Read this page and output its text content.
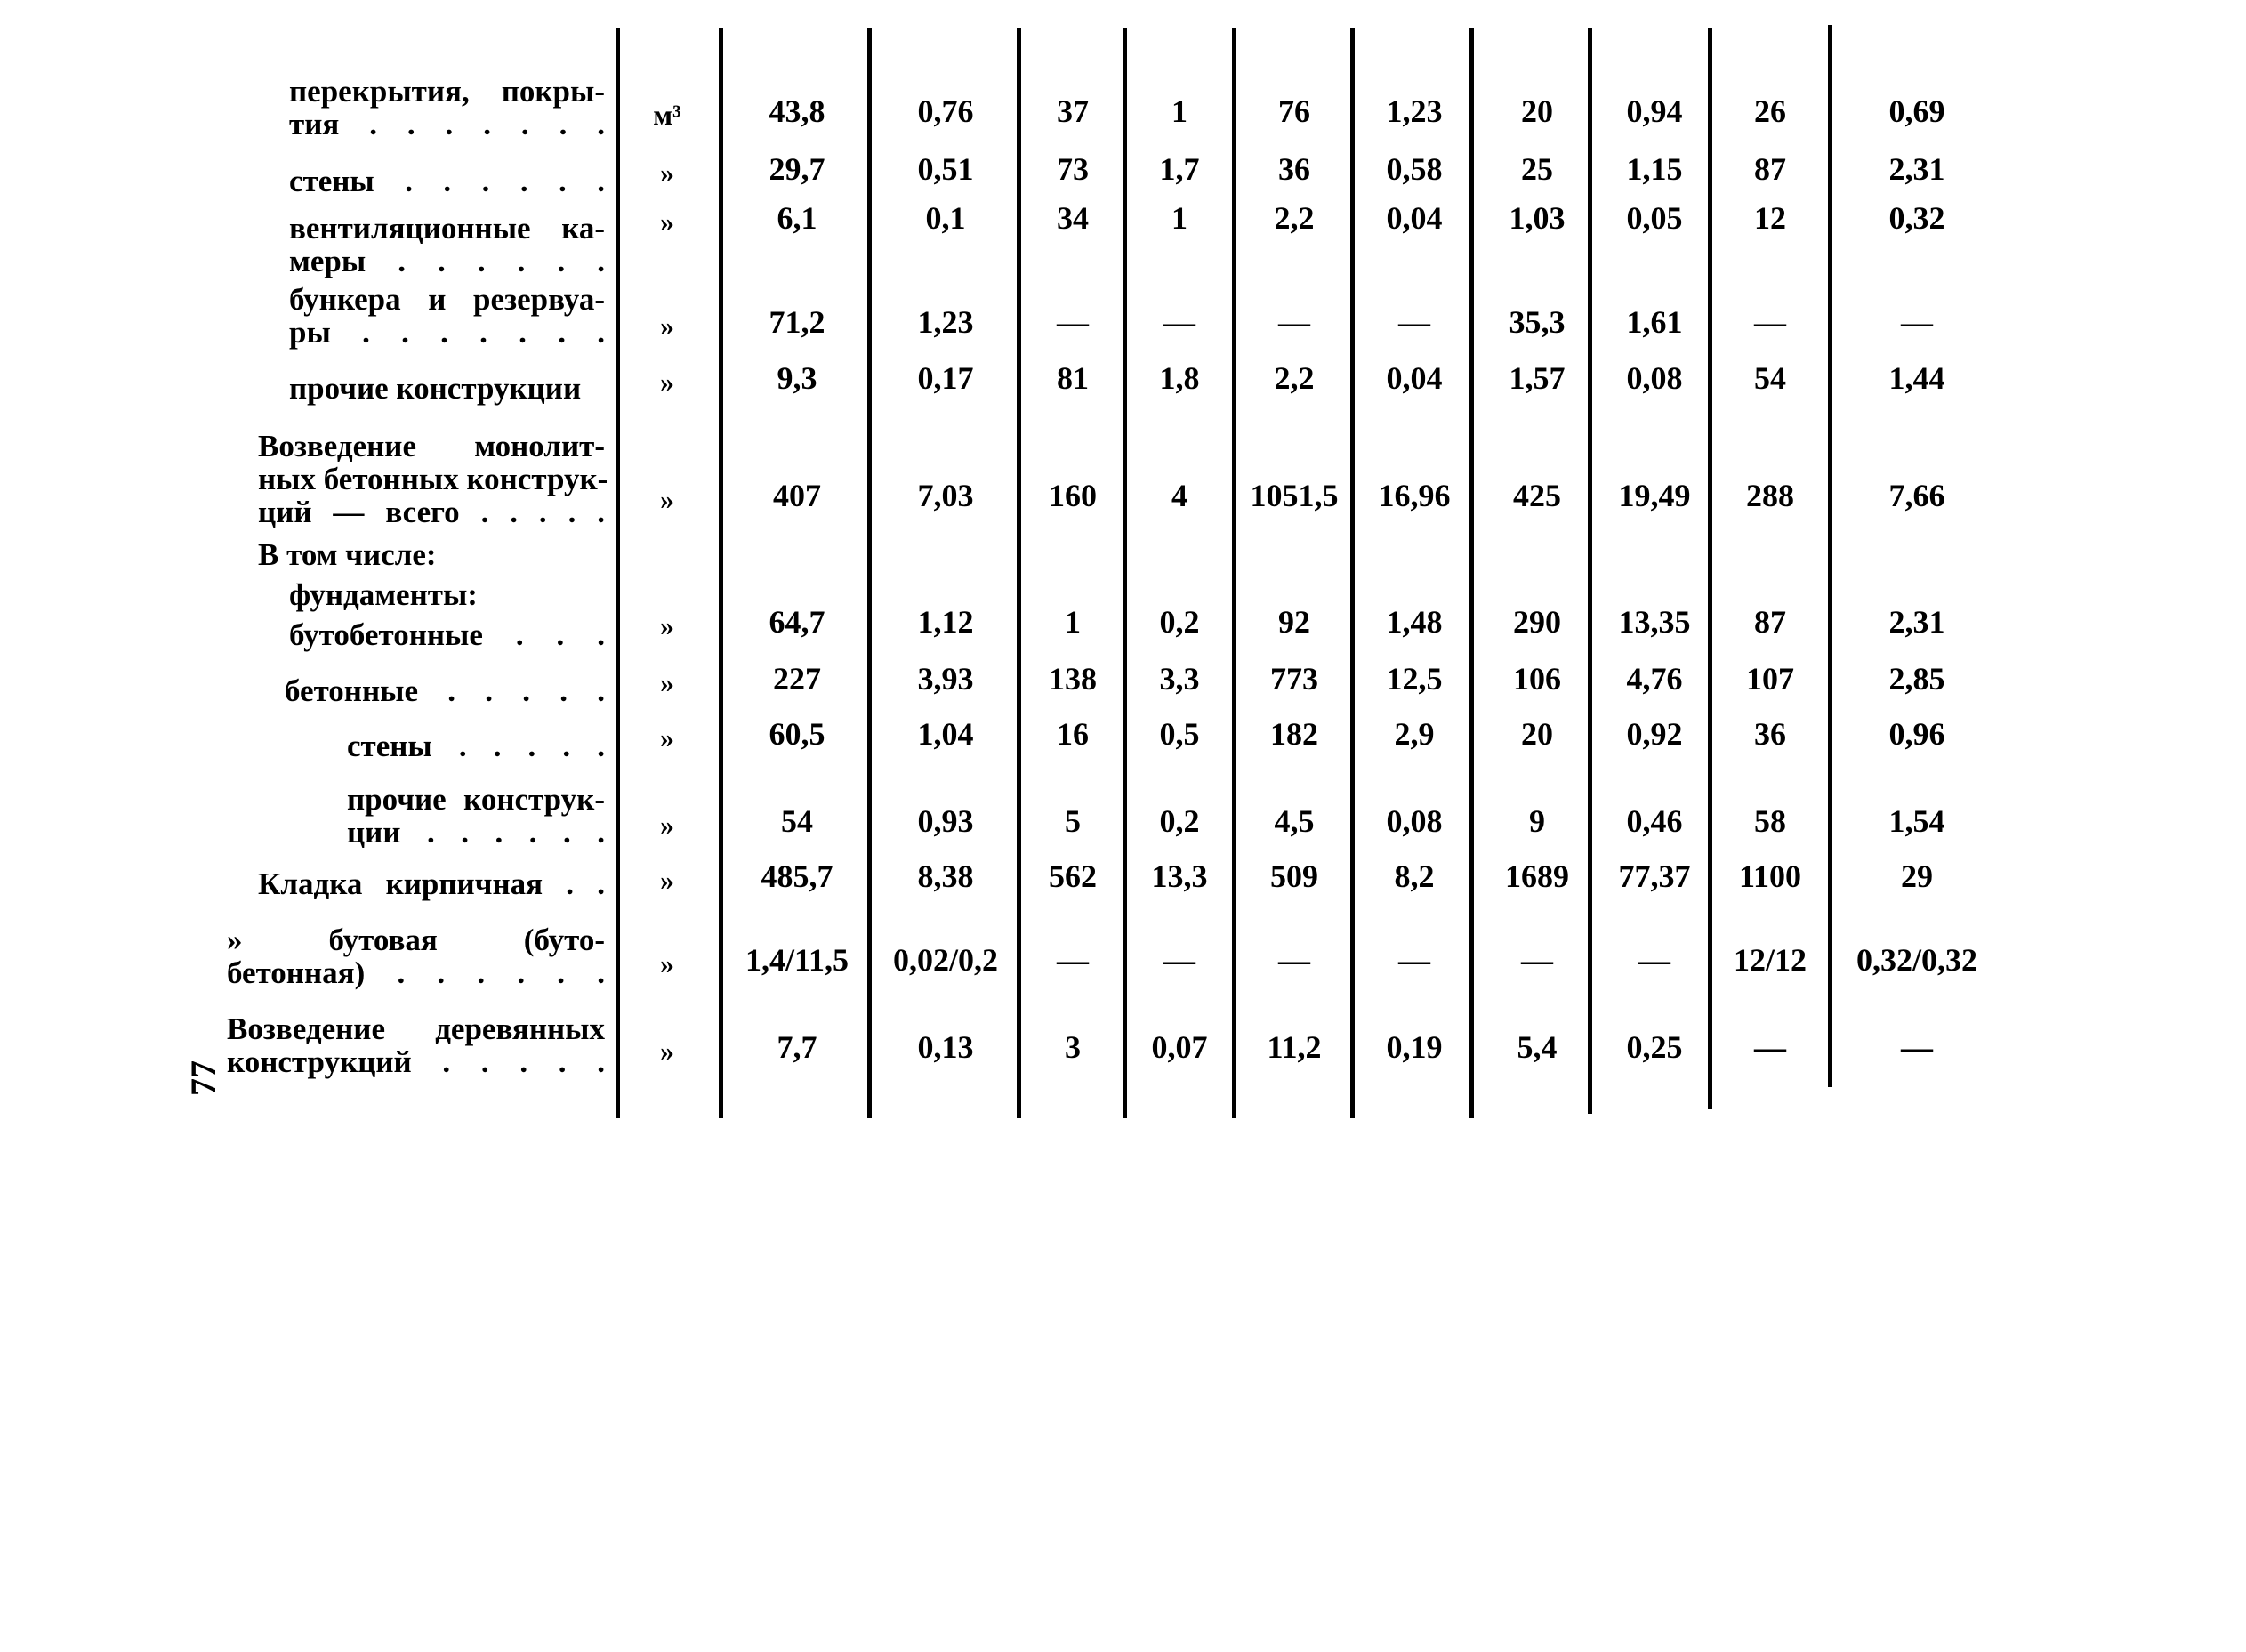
перекрытия, покры-
тия . . . . . . . м³	43,8	0,76	37	1	76 1,23 20 0,94 26	0,69
стены . . . . . . »	29,7	0,51	73 1,7 36 0,58 25 1,15 87	2,31
вентиляционные ка-
меры . . . . . .
»	6,1	0,1	34	1	2,2 0,04 1,03 0,05 12	0,32
бункера и резервуа-
ры . . . . . . . »	71,2	1,23	— —	—	— 35,3 1,61 —	—
прочие конструкции	»	9,3	0,17	81 1,8 2,2 0,04 1,57 0,08 54	1,44
Возведение монолит-
ных бетонных конструк-
ций — всего . . . . . »	407	7,03 160 4 1051,5 16,96 425 19,49 288	7,66
В том числе:
фундаменты:
бутобетонные . . . »	64,7	1,12	1 0,2 92 1,48 290 13,35 87	2,31
бетонные . . . . . »	227	3,93 138 3,3 773 12,5 106 4,76 107	2,85
стены . . . . . »	60,5	1,04	16 0,5 182 2,9	20 0,92 36	0,96
прочие конструк-
ции . . . . . . »	54	0,93	5 0,2 4,5 0,08	9	0,46 58	1,54
Кладка кирпичная . . »	485,7	8,38 562 13,3 509 8,2 1689 77,37 1100	29
» бутовая (буто-
бетонная) . . . . . . » 1,4/11,5 0,02/0,2 — —	—	—	—	— 12/12 0,32/0,32
Возведение деревянных
конструкций . . . . . »	7,7	0,13	3 0,07 11,2 0,19 5,4 0,25 —	—
77
